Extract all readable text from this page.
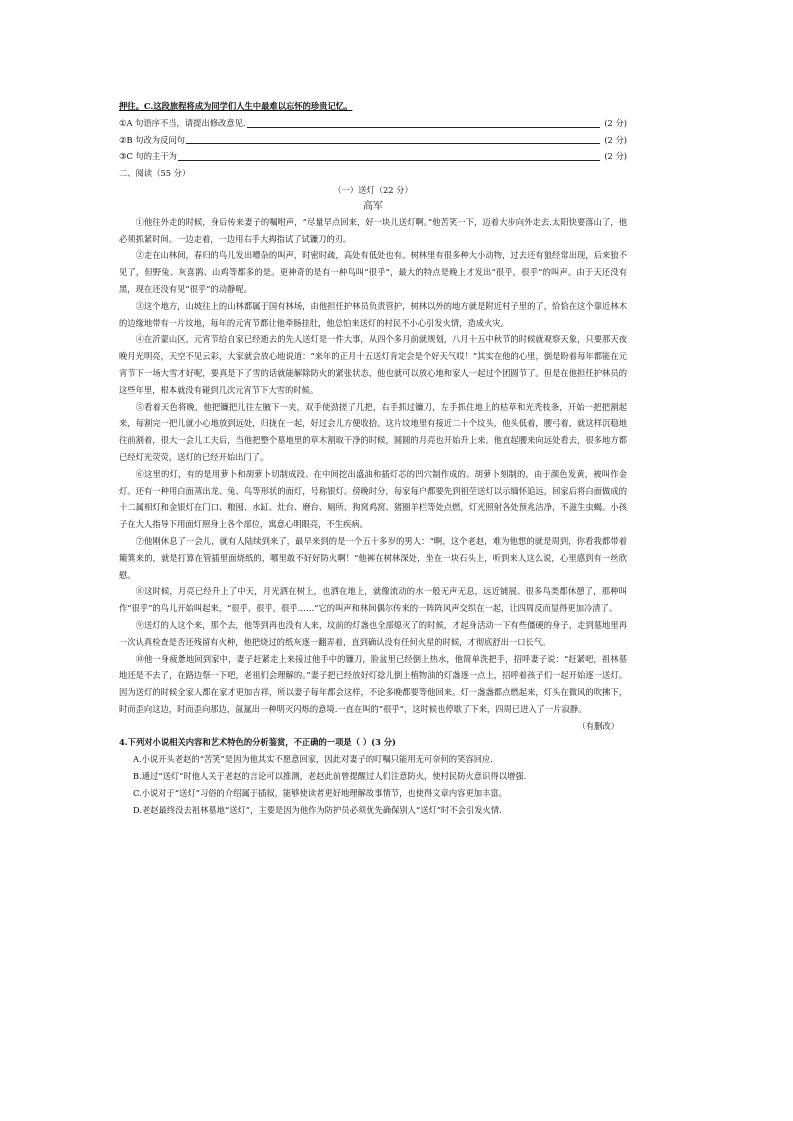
押往。C.这段旅程将成为同学们人生中最难以忘怀的珍贵记忆。
①A 句语序不当，请提出修改意见.	(2 分)
②B 句改为反问句	(2 分)
③C 句的主干为	(2 分)
二、阅读（55 分）
（一）送灯（22 分）
高军

①他往外走的时候，身后传来妻子的嘱咐声，“尽量早点回来，好一块儿送灯啊。”他苦笑一下，迈着大步向外走去.太阳快要落山了，他必须抓紧时间。一边走着，一边用右手大拇指试了试镰刀的刃。

②走在山林间，春归的鸟儿发出嘈杂的叫声，时密时疏，高处有低处也有。树林里有很多种大小动物，过去还有狼经常出现，后来狼不见了，但野兔、灰喜鹊、山鸡等都多的是。更神奇的是有一种鸟叫“很乎”，最大的特点是晚上才发出“很乎，很乎”的叫声。由于天还没有黑，现在还没有见“很乎”的动静呢。

③这个地方，山坡往上的山林都属于国有林场，由他担任护林员负责管护，树林以外的地方就是附近村子里的了，恰恰在这个靠近林木的边缘地带有一片坟地，每年的元宵节都让他牵肠挂肚，他总怕来送灯的村民不小心引发火情，造成火灾。

④在沂蒙山区，元宵节给自家已经逝去的先人送灯是一件大事，从四个多月前就规划，八月十五中秋节的时候就观察天象，只要那天夜晚月光明亮，天空不见云彩，大家就会放心地说道：“来年的正月十五送灯肯定会是个好天气哎！”其实在他的心里，倒是盼着每年都能在元宵节下一场大雪才好呢，要真是下了雪的话就能解除防火的紧张状态，他也就可以放心地和家人一起过个团圆节了。但是在他担任护林员的这些年里，根本就没有碰到几次元宵节下大雪的时候。

⑤看着天色将晚，他把镰把儿往左腋下一夹，双手使劲搓了几把，右手抓过镰刀，左手抓住地上的枯草和光秃枝条，开始一把把割起来，每割完一把儿就小心地放到远处，归拢在一起，好过会儿方便收拾。这片坟地里有接近二十个坟头，他头低着，腰弓着，就这样沉稳地往前割着，很大一会儿工夫后，当他把整个墓地里的草木割取干净的时候，圆圆的月亮也开始升上来。他直起腰来向远处看去，很多地方都已经灯光荧荧，送灯的已经开始出门了。

⑥这里的灯，有的是用萝卜和胡萝卜切制成段、在中间挖出盛油和插灯芯的凹穴制作成的。胡萝卜刻制的，由于颜色发黄，被叫作金灯。还有一种用白面蒸出龙、兔、鸟等形状的面灯，号称银灯。傍晚时分，每家每户都要先到祖茔送灯以示缅怀追远，回家后将白面做成的十二属相灯和金银灯在门口、粮囤、水缸、灶台、磨台、厕所、狗窝鸡窝、猪圈羊栏等处点燃，灯光照射各处预兆洁净，不滋生虫蝎。小孩子在大人指导下用面灯照身上各个部位，寓意心明眼亮，不生疾病。

⑦他刚休息了一会儿，就有人陆续到来了，最早来到的是一个五十多岁的男人：“啊，这个老赵，难为他想的就是周到，你看我都带着簸箕来的，就是打算在管插里面烧纸的，哪里敢不好好防火啊！”他裤在树林深处，坐在一块石头上，听到来人这么说，心里感到有一丝欣慰。

⑧这时候，月亮已经升上了中天，月光洒在树上，也洒在地上，就像流动的水一般无声无息，远近铺展。很多鸟类都休憩了，那种叫作“很乎”的鸟儿开始叫起来，“很乎，很乎，很乎……”它的叫声和林间偶尔传来的一阵阵风声交织在一起，让四周反而显得更加冷清了。

⑨送灯的人这个来，那个去，他等到再也没有人来，坟前的灯盏也全部熄灭了的时候，才起身活动一下有些僵硬的身子，走到墓地里再一次认真检查是否还残留有火种，他把烧过的纸灰逐一翻弄着，直到确认没有任何火星的时候，才彻底舒出一口长气。

⑩他一身疲惫地回到家中，妻子赶紧走上来接过他手中的镰刀，脸盆里已经倒上热水，他简单洗把手，招呼妻子说：“赶紧吧，祖林墓地还是不去了，在路边祭一下吧，老祖们会理解的。”妻子把已经放好灯捻儿倒上植物油的灯盏逐一点上，招呼着孩子们一起开始逐一送灯。因为送灯的时候全家人都在家才更加吉祥，所以妻子每年都会这样，不论多晚都要等他回来。灯一盏盏都点燃起来，灯头在微风的吹拂下，时而歪向这边，时而歪向那边，氤氲出一种明灭闪烁的意境.一直在叫的“很乎”，这时候也停歇了下来，四周已进入了一片寂静。

（有删改）

4.下列对小说相关内容和艺术特色的分析鉴赏，不正确的一项是（ ）(3 分)

A.小说开头老赵的“苦笑”是因为他其实不愿意回家，因此对妻子的叮嘱只能用无可奈何的笑容回应.

B.通过“送灯”时他人关于老赵的言论可以推测，老赵此前曾提醒过人们注意防火，使村民防火意识得以增强.

C.小说对于“送灯”习俗的介绍属于插叙，能够使读者更好地理解故事情节，也使得文章内容更加丰富。

D.老赵最终没去祖林墓地“送灯”，主要是因为他作为防护员必须优先确保别人“送灯”时不会引发火情.
